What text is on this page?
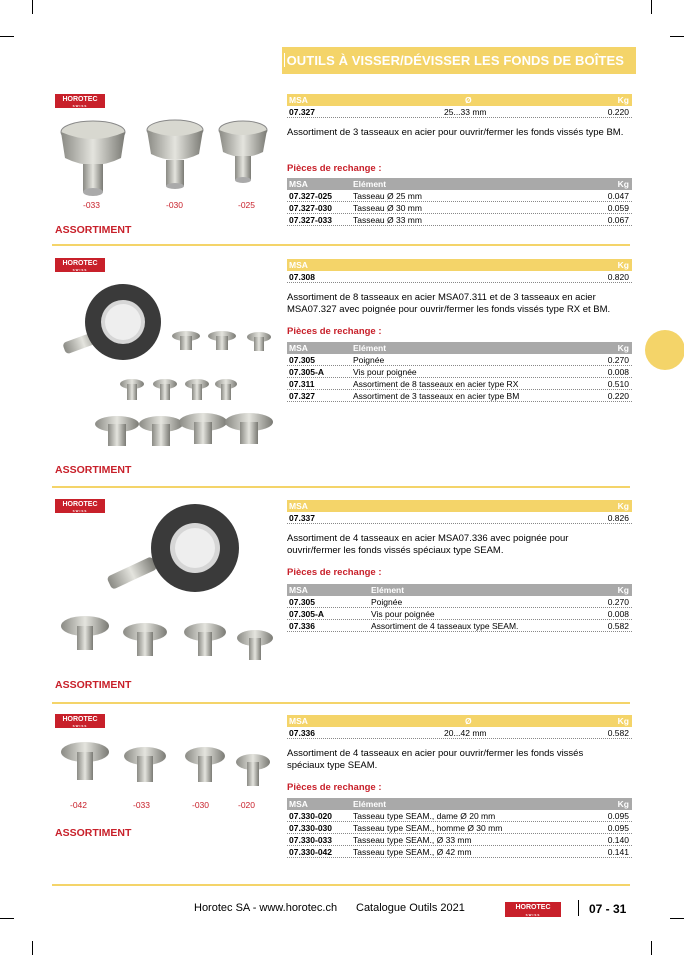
OUTILS À VISSER/DÉVISSER LES FONDS DE BOÎTES
HOROTEC
SWISS
-033	-030	-025
ASSORTIMENT
MSA	Ø	Kg
07.327	25...33 mm	0.220
Assortiment de 3 tasseaux en acier pour ouvrir/fermer les fonds vissés type BM.
Pièces de rechange :
MSA	Elément	Kg
07.327-025 Tasseau Ø 25 mm	0.047
07.327-030 Tasseau Ø 30 mm	0.059
07.327-033 Tasseau Ø 33 mm	0.067
HOROTEC
SWISS
ASSORTIMENT
MSA	Kg
07.308	0.820
Assortiment de 8 tasseaux en acier MSA07.311 et de 3 tasseaux en acier MSA07.327 avec poignée pour ouvrir/fermer les fonds vissés type RX et BM.
Pièces de rechange :
MSA	Elément	Kg
07.305	Poignée	0.270
07.305-A	Vis pour poignée	0.008
07.311	Assortiment de 8 tasseaux en acier type RX	0.510
07.327	Assortiment de 3 tasseaux en acier type BM	0.220
HOROTEC
SWISS
ASSORTIMENT
MSA	Kg
07.337	0.826
Assortiment de 4 tasseaux en acier MSA07.336 avec poignée pour ouvrir/fermer les fonds vissés spéciaux type SEAM.
Pièces de rechange :
MSA	Elément	Kg
07.305	Poignée	0.270
07.305-A	Vis pour poignée	0.008
07.336	Assortiment de 4 tasseaux type SEAM.	0.582
HOROTEC
SWISS
-042	-033	-030	-020
ASSORTIMENT
MSA	Ø	Kg
07.336	20...42 mm	0.582
Assortiment de 4 tasseaux en acier pour ouvrir/fermer les fonds vissés spéciaux type SEAM.
Pièces de rechange :
MSA	Elément	Kg
07.330-020 Tasseau type SEAM., dame Ø 20 mm	0.095
07.330-030 Tasseau type SEAM., homme Ø 30 mm	0.095
07.330-033 Tasseau type SEAM., Ø 33 mm	0.140
07.330-042 Tasseau type SEAM., Ø 42 mm	0.141
Horotec SA - www.horotec.ch Catalogue Outils 2021	HOROTEC
SWISS	07 - 31
